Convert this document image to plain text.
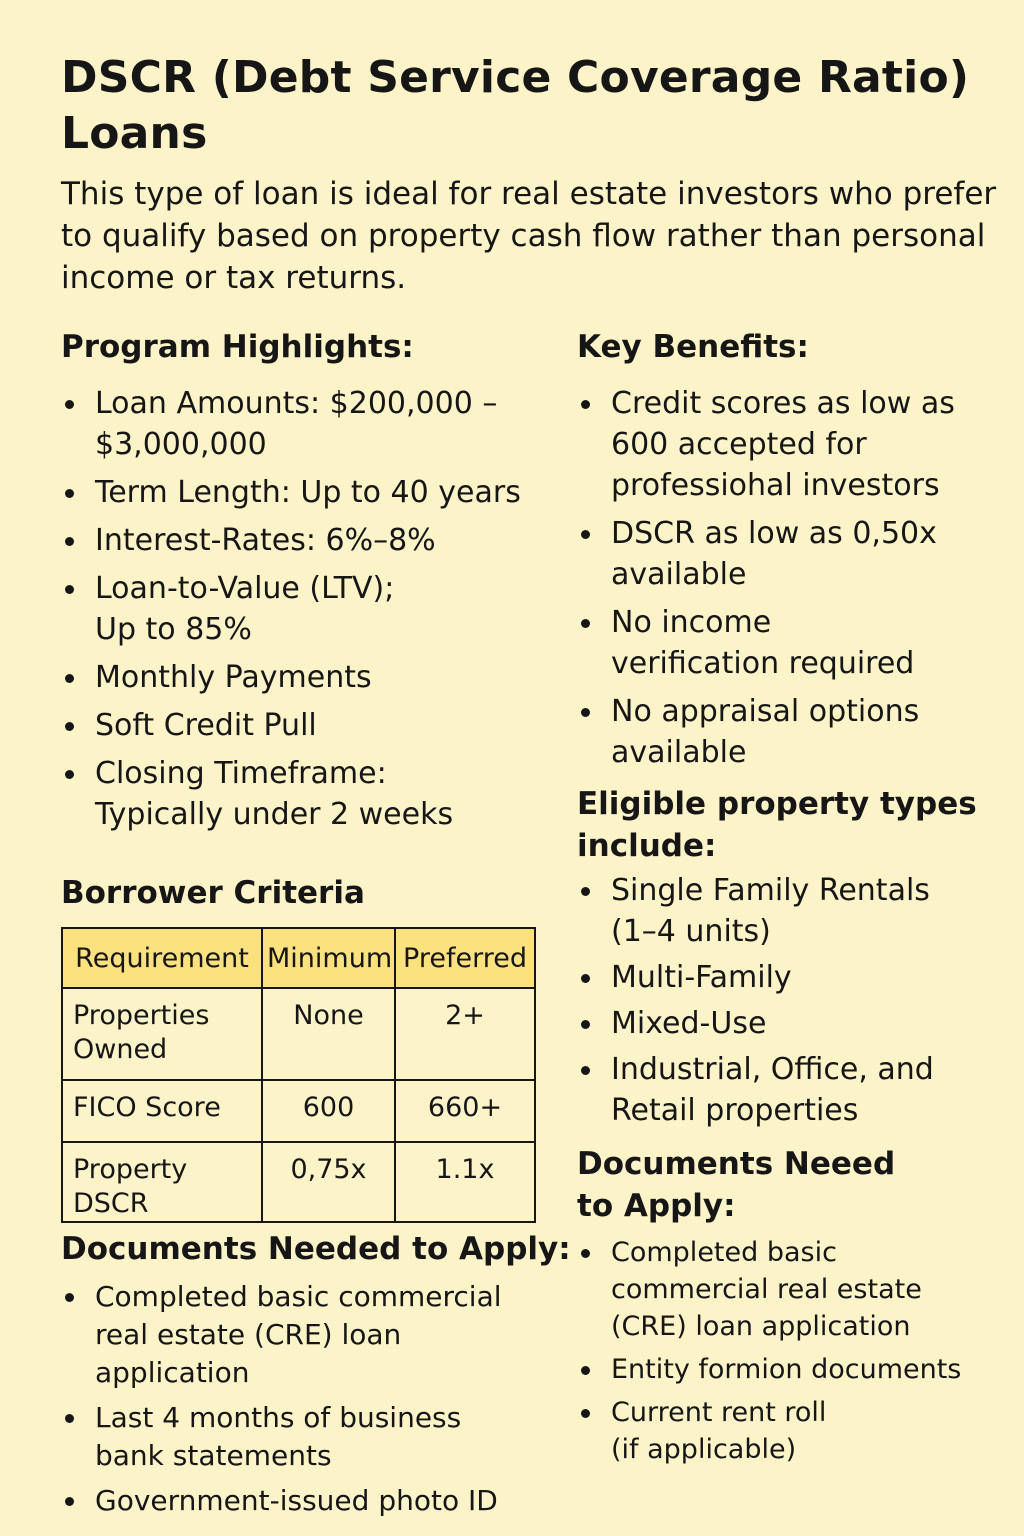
DSCR (Debt Service Coverage Ratio) Loans

This type of loan is ideal for real estate investors who prefer to qualify based on property cash flow rather than personal income or tax returns.

Program Highlights:
Loan Amounts: $200,000 – $3,000,000
Term Length: Up to 40 years
Interest-Rates: 6%–8%
Loan-to-Value (LTV); Up to 85%
Monthly Payments
Soft Credit Pull
Closing Timeframe: Typically under 2 weeks
Key Benefits:
Credit scores as low as 600 accepted for professiohal investors
DSCR as low as 0,50x available
No income verification required
No appraisal options available
Eligible property types include:
Single Family Rentals (1–4 units)
Multi-Family
Mixed-Use
Industrial, Office, and Retail properties
Borrower Criteria
Requirement	Minimum	Preferred
Properties Owned	None	2+
FICO Score	600	660+
Property DSCR	0,75x	1.1x
Documents Needed to Apply:
Completed basic commercial real estate (CRE) loan application
Last 4 months of business bank statements
Government-issued photo ID
Documents Neeed to Apply:
Completed basic commercial real estate (CRE) loan application
Entity formion documents
Current rent roll (if applicable)
